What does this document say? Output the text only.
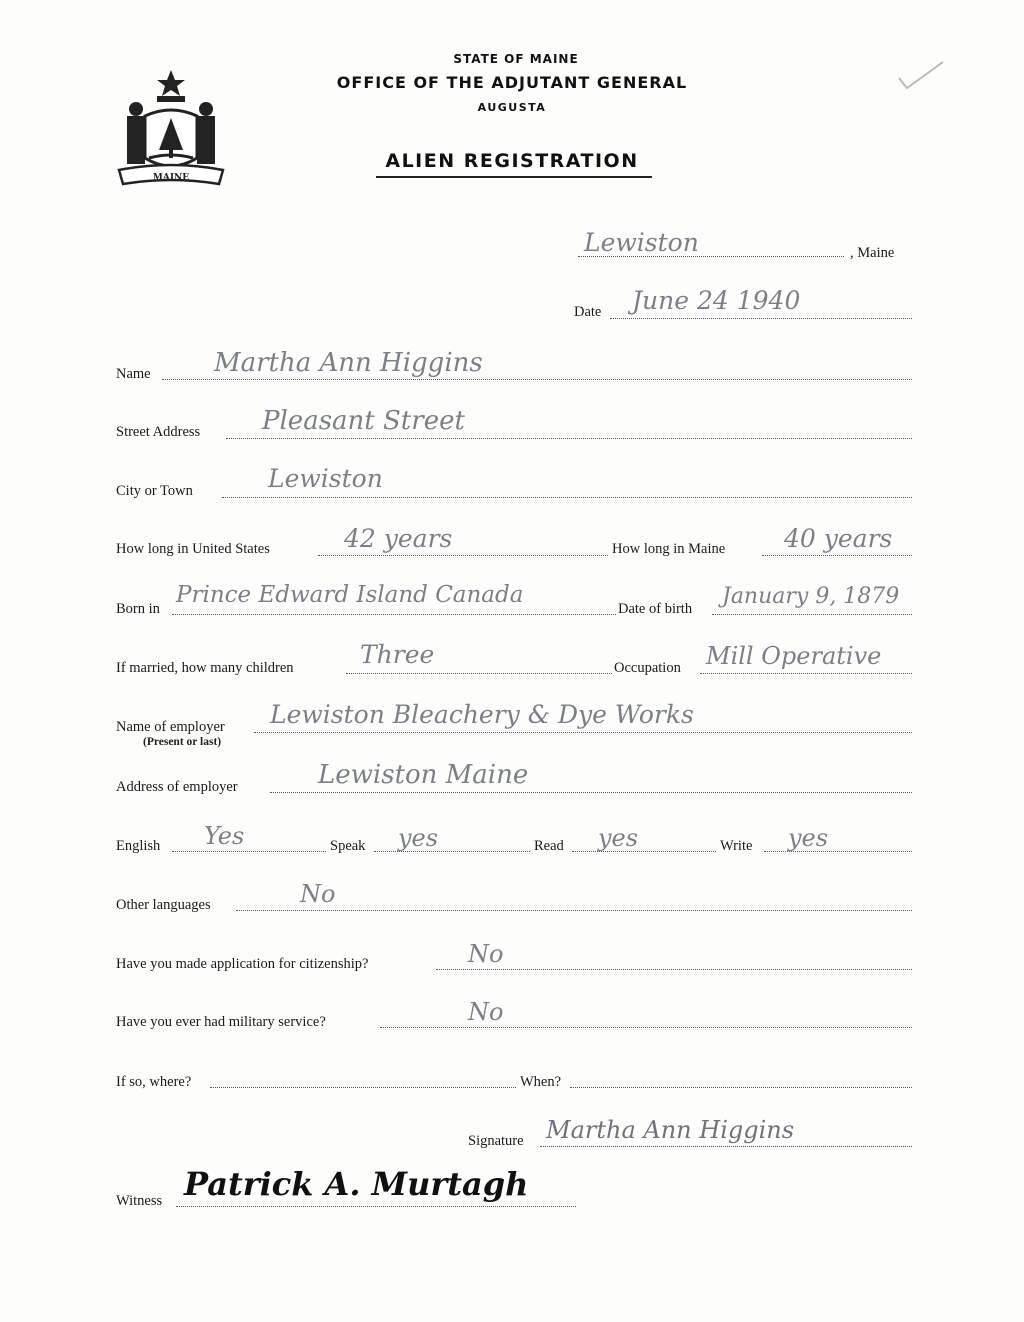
MAINE
STATE OF MAINE
OFFICE OF THE ADJUTANT GENERAL
AUGUSTA
ALIEN REGISTRATION
Lewiston	, Maine
Date June 24 1940
Name Martha Ann Higgins
Street Address Pleasant Street
City or Town	Lewiston
How long in United States	42 years	How long in Maine 40 years
Born in
Prince Edward Island Canada
Date of birth January 9, 1879
If married, how many children	Three	Occupation Mill Operative
Name of employer
(Present or last)
Lewiston Bleachery & Dye Works
Address of employer	Lewiston Maine
English Yes	Speak yes	Read yes	Write yes
Other languages	No
Have you made application for citizenship?	No
Have you ever had military service?	No
If so, where?	When?
Signature Martha Ann Higgins
Witness Patrick A. Murtagh
